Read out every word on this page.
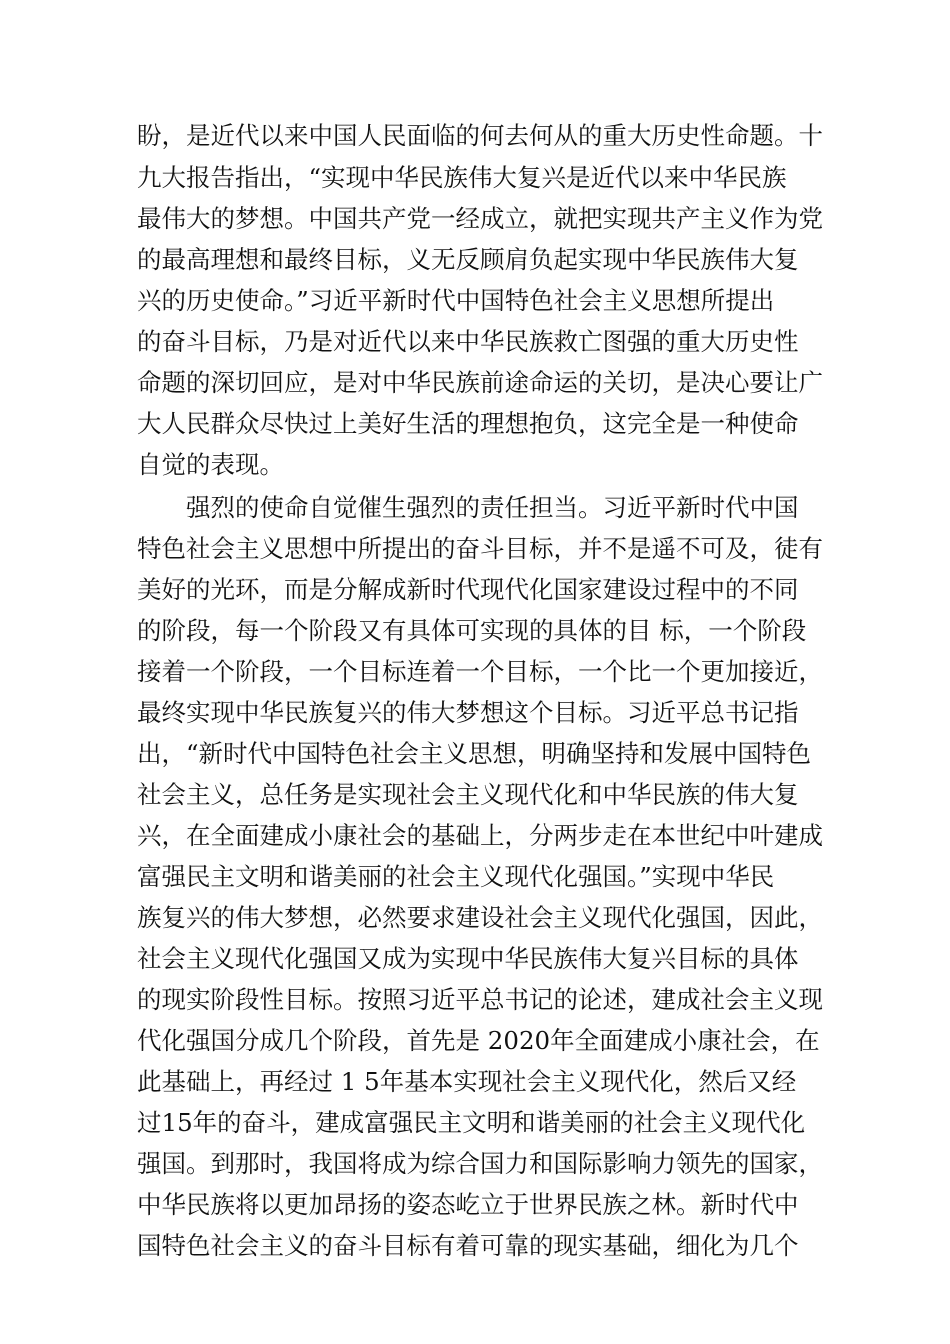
盼，是近代以来中国人民面临的何去何从的重大历史性命题。十
九大报告指出，“实现中华民族伟大复兴是近代以来中华民族
最伟大的梦想。中国共产党一经成立，就把实现共产主义作为党
的最高理想和最终目标，义无反顾肩负起实现中华民族伟大复
兴的历史使命。”习近平新时代中国特色社会主义思想所提出
的奋斗目标，乃是对近代以来中华民族救亡图强的重大历史性
命题的深切回应，是对中华民族前途命运的关切，是决心要让广
大人民群众尽快过上美好生活的理想抱负，这完全是一种使命
自觉的表现。
强烈的使命自觉催生强烈的责任担当。习近平新时代中国
特色社会主义思想中所提出的奋斗目标，并不是遥不可及，徒有
美好的光环，而是分解成新时代现代化国家建设过程中的不同
的阶段，每一个阶段又有具体可实现的具体的目 标，一个阶段
接着一个阶段，一个目标连着一个目标，一个比一个更加接近，
最终实现中华民族复兴的伟大梦想这个目标。习近平总书记指
出，“新时代中国特色社会主义思想，明确坚持和发展中国特色
社会主义，总任务是实现社会主义现代化和中华民族的伟大复
兴，在全面建成小康社会的基础上，分两步走在本世纪中叶建成
富强民主文明和谐美丽的社会主义现代化强国。”实现中华民
族复兴的伟大梦想，必然要求建设社会主义现代化强国，因此，
社会主义现代化强国又成为实现中华民族伟大复兴目标的具体
的现实阶段性目标。按照习近平总书记的论述，建成社会主义现
代化强国分成几个阶段，首先是 2020年全面建成小康社会，在
此基础上，再经过 1 5年基本实现社会主义现代化，然后又经
过15年的奋斗，建成富强民主文明和谐美丽的社会主义现代化
强国。到那时，我国将成为综合国力和国际影响力领先的国家，
中华民族将以更加昂扬的姿态屹立于世界民族之林。新时代中
国特色社会主义的奋斗目标有着可靠的现实基础，细化为几个
